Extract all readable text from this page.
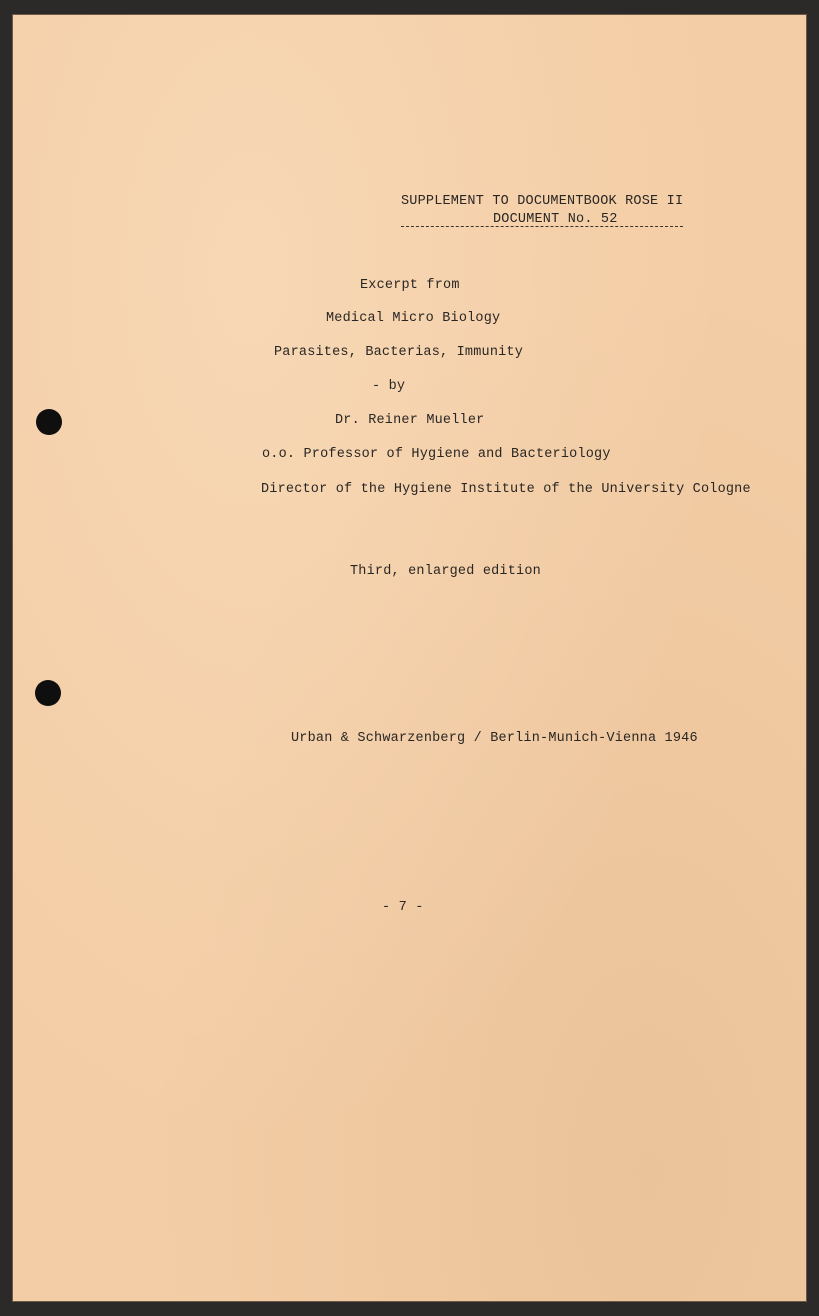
SUPPLEMENT TO DOCUMENTBOOK ROSE II
DOCUMENT No. 52
Excerpt from
Medical Micro Biology
Parasites, Bacterias, Immunity
- by
Dr. Reiner Mueller
o.o. Professor of Hygiene and Bacteriology
Director of the Hygiene Institute of the University Cologne
Third, enlarged edition
Urban & Schwarzenberg / Berlin-Munich-Vienna 1946
- 7 -
